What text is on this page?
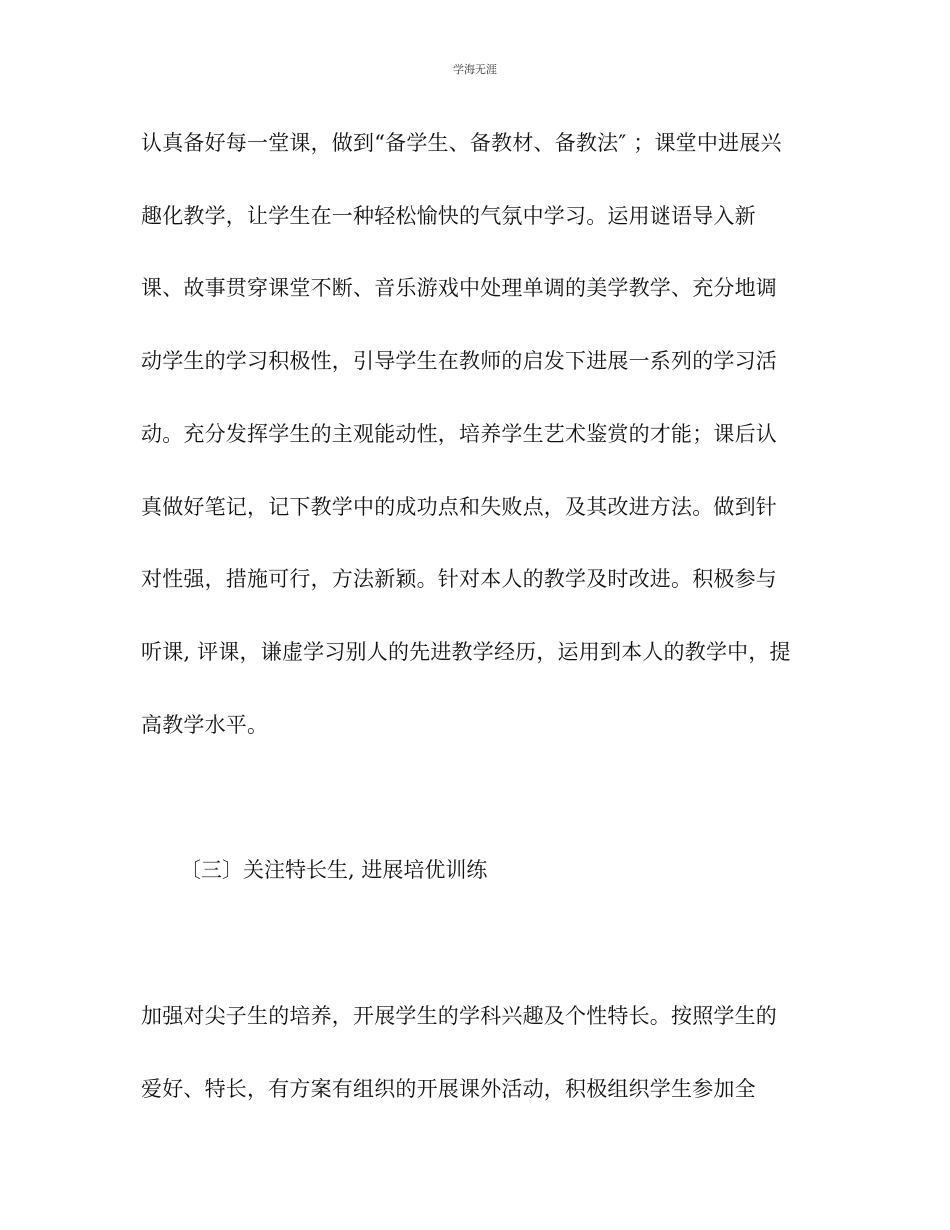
学海无涯
认真备好每一堂课，做到“备学生、备教材、备教法″ ；课堂中进展兴
趣化教学，让学生在一种轻松愉快的气氛中学习。运用谜语导入新
课、故事贯穿课堂不断、音乐游戏中处理单调的美学教学、充分地调
动学生的学习积极性，引导学生在教师的启发下进展一系列的学习活
动。充分发挥学生的主观能动性，培养学生艺术鉴赏的才能；课后认
真做好笔记，记下教学中的成功点和失败点，及其改进方法。做到针
对性强，措施可行，方法新颖。针对本人的教学及时改进。积极参与
听课, 评课，谦虚学习别人的先进教学经历，运用到本人的教学中，提
高教学水平。
〔三〕关注特长生, 进展培优训练
加强对尖子生的培养，开展学生的学科兴趣及个性特长。按照学生的
爱好、特长，有方案有组织的开展课外活动，积极组织学生参加全
